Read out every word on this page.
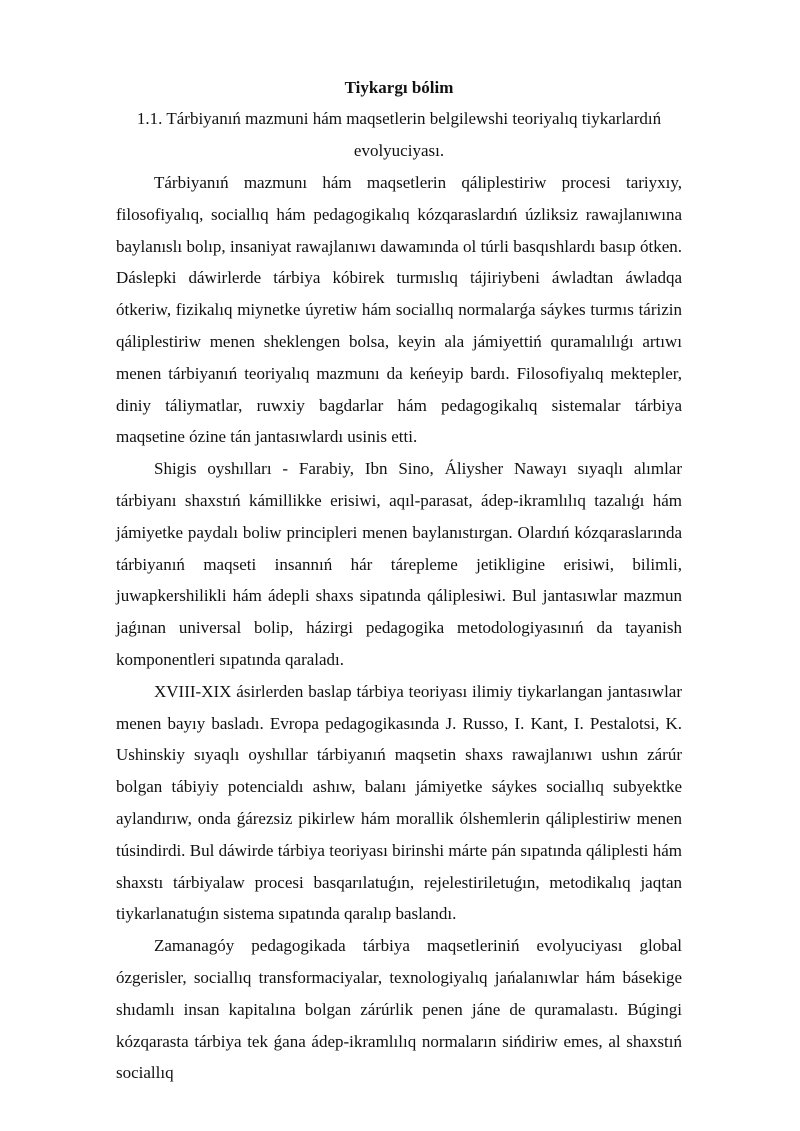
Tiykargı bólim

1.1. Tárbiyanıń mazmuni hám maqsetlerin belgilewshi teoriyalıq tiykarlardıń evolyuciyası.

Tárbiyanıń mazmunı hám maqsetlerin qáliplestiriw procesi tariyxıy, filosofiyalıq, sociallıq hám pedagogikalıq kózqaraslardıń úzliksiz rawajlanıwına baylanıslı bolıp, insaniyat rawajlanıwı dawamında ol túrli basqıshlardı basıp ótken. Dáslepki dáwirlerde tárbiya kóbirek turmıslıq tájiriybeni áwladtan áwladqa ótkeriw, fizikalıq miynetke úyretiw hám sociallıq normalarǵa sáykes turmıs tárizin qáliplestiriw menen sheklengen bolsa, keyin ala jámiyettiń quramalılıǵı artıwı menen tárbiyanıń teoriyalıq mazmunı da keńeyip bardı. Filosofiyalıq mektepler, diniy táliymatlar, ruwxiy bagdarlar hám pedagogikalıq sistemalar tárbiya maqsetine ózine tán jantasıwlardı usinis etti.

Shigis oyshılları - Farabiy, Ibn Sino, Áliysher Nawayı sıyaqlı alımlar tárbiyanı shaxstıń kámillikke erisiwi, aqıl-parasat, ádep-ikramlılıq tazalıǵı hám jámiyetke paydalı boliw principleri menen baylanıstırgan. Olardıń kózqaraslarında tárbiyanıń maqseti insannıń hár tárepleme jetikligine erisiwi, bilimli, juwapkershilikli hám ádepli shaxs sipatında qáliplesiwi. Bul jantasıwlar mazmun jaǵınan universal bolip, házirgi pedagogika metodologiyasınıń da tayanish komponentleri sıpatında qaraladı.

XVIII-XIX ásirlerden baslap tárbiya teoriyası ilimiy tiykarlangan jantasıwlar menen bayıy basladı. Evropa pedagogikasında J. Russo, I. Kant, I. Pestalotsi, K. Ushinskiy sıyaqlı oyshıllar tárbiyanıń maqsetin shaxs rawajlanıwı ushın zárúr bolgan tábiyiy potencialdı ashıw, balanı jámiyetke sáykes sociallıq subyektke aylandırıw, onda ǵárezsiz pikirlew hám morallik ólshemlerin qáliplestiriw menen túsindirdi. Bul dáwirde tárbiya teoriyası birinshi márte pán sıpatında qáliplesti hám shaxstı tárbiyalaw procesi basqarılatuǵın, rejelestiriletuǵın, metodikalıq jaqtan tiykarlanatuǵın sistema sıpatında qaralıp baslandı.

Zamanagóy pedagogikada tárbiya maqsetleriniń evolyuciyası global ózgerisler, sociallıq transformaciyalar, texnologiyalıq jańalanıwlar hám básekige shıdamlı insan kapitalına bolgan zárúrlik penen jáne de quramalastı. Búgingi kózqarasta tárbiya tek ǵana ádep-ikramlılıq normaların sińdiriw emes, al shaxstıń sociallıq
